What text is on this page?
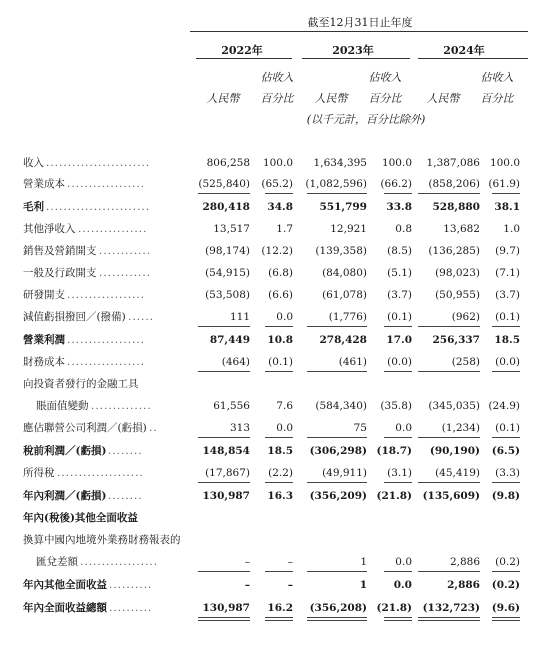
截至12月31日止年度
2022年	2023年	2024年
佔收入	佔收入	佔收入
人民幣	百分比	人民幣	百分比	人民幣	百分比
(以千元計，百分比除外)
收入 ........................	806,258 100.0 1,634,395 100.0 1,387,086 100.0
營業成本 ..................	(525,840) (65.2) (1,082,596) (66.2) (858,206) (61.9)
毛利 ........................	280,418 34.8	551,799 33.8 528,880 38.1
其他淨收入 ................	13,517	1.7	12,921	0.8	13,682 1.0
銷售及營銷開支 ............	(98,174) (12.2) (139,358) (8.5) (136,285) (9.7)
一般及行政開支 ............	(54,915) (6.8)	(84,080) (5.1) (98,023) (7.1)
研發開支 ..................	(53,508) (6.6)	(61,078) (3.7) (50,955) (3.7)
減值虧損撥回／(撥備) ......	111	0.0	(1,776) (0.1)	(962) (0.1)
營業利潤 ..................	87,449 10.8	278,428 17.0 256,337 18.5
財務成本 ..................	(464) (0.1)	(461) (0.0)	(258) (0.0)
向投資者發行的金融工具
賬面值變動 ..............	61,556	7.6 (584,340) (35.8) (345,035) (24.9)
應佔聯營公司利潤／(虧損) ..	313	0.0	75	0.0	(1,234) (0.1)
稅前利潤／(虧損) ........	148,854 18.5 (306,298) (18.7) (90,190) (6.5)
所得稅 ....................	(17,867) (2.2)	(49,911) (3.1) (45,419) (3.3)
年內利潤／(虧損) ........	130,987 16.3 (356,209) (21.8) (135,609) (9.8)
年內(稅後)其他全面收益
換算中國內地境外業務財務報表的
匯兌差額 ..................	–	–	1	0.0	2,886 (0.2)
年內其他全面收益 ..........	–	–	1	0.0	2,886 (0.2)
年內全面收益總額 ..........	130,987 16.2 (356,208) (21.8) (132,723) (9.6)
